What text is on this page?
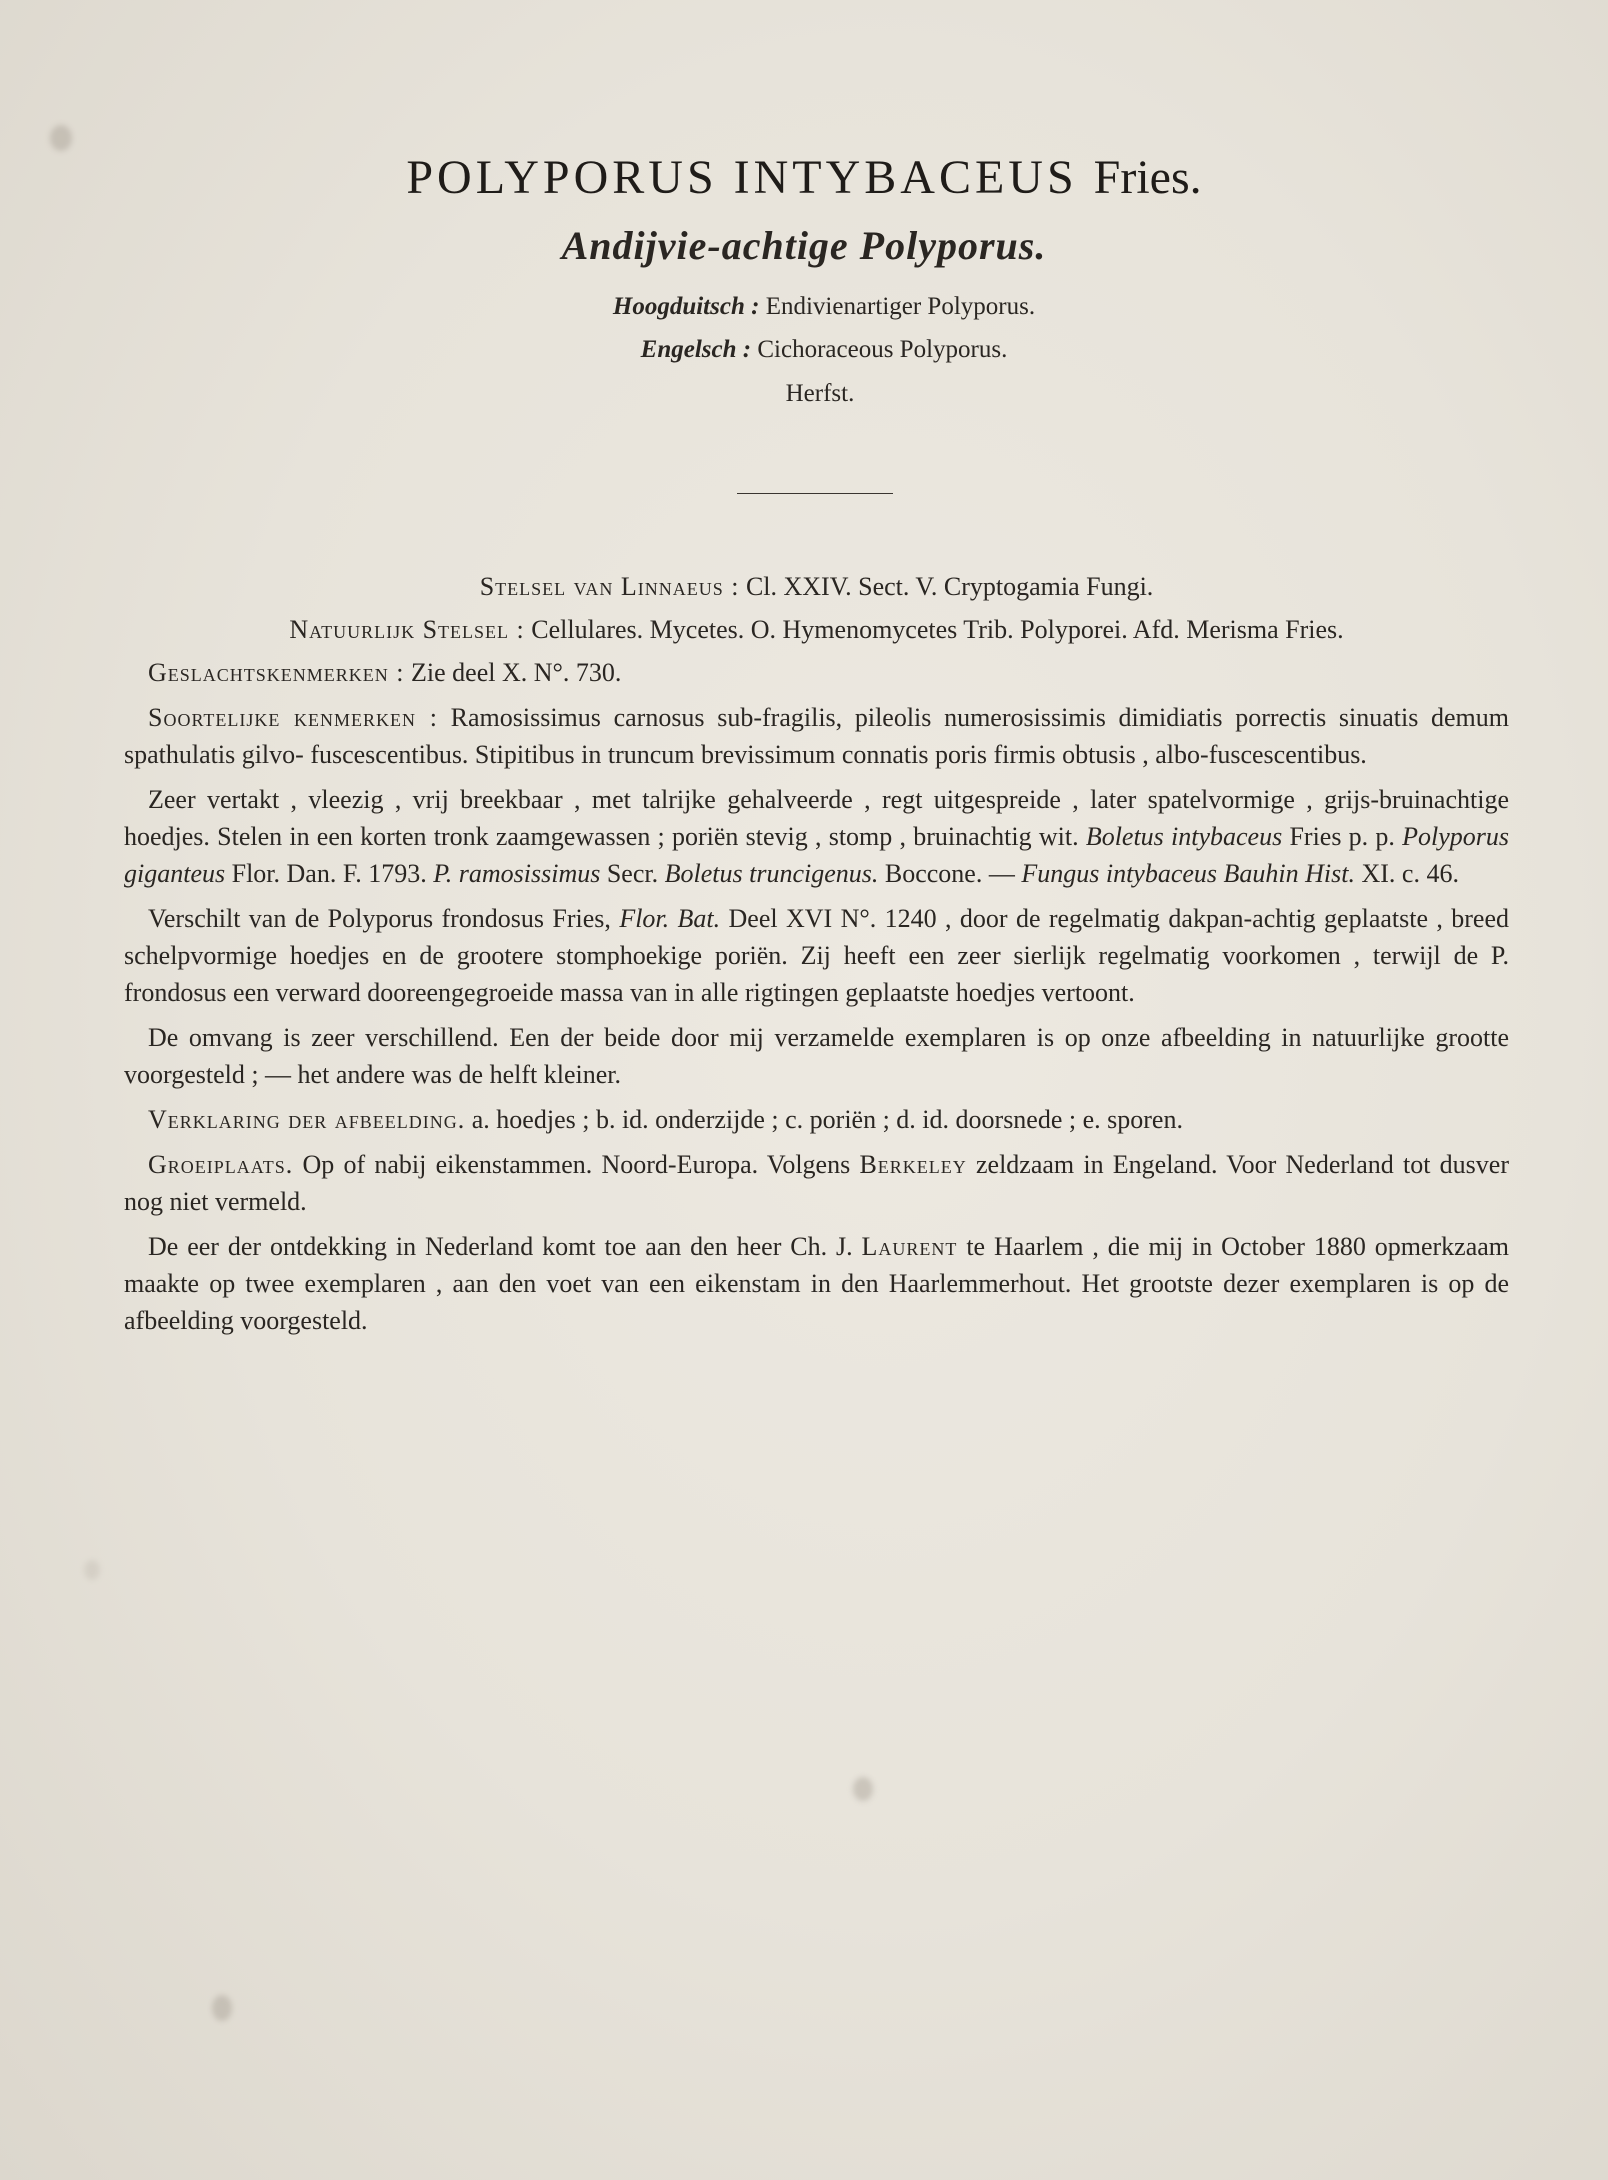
POLYPORUS INTYBACEUS Fries.
Andijvie-achtige Polyporus.
Hoogduitsch : Endivienartiger Polyporus.
Engelsch : Cichoraceous Polyporus.
Herfst.

Stelsel van Linnaeus : Cl. XXIV. Sect. V. Cryptogamia Fungi.

Natuurlijk Stelsel : Cellulares. Mycetes. O. Hymenomycetes Trib. Polyporei. Afd. Merisma Fries.

Geslachtskenmerken : Zie deel X. N°. 730.

Soortelijke kenmerken : Ramosissimus carnosus sub-fragilis, pileolis numerosissimis dimidiatis porrectis sinuatis demum spathulatis gilvo- fuscescentibus. Stipitibus in truncum brevissimum connatis poris firmis obtusis , albo-fuscescentibus.

Zeer vertakt , vleezig , vrij breekbaar , met talrijke gehalveerde , regt uitgespreide , later spatelvormige , grijs-bruinachtige hoedjes. Stelen in een korten tronk zaamgewassen ; poriën stevig , stomp , bruinachtig wit. Boletus intybaceus Fries p. p. Polyporus giganteus Flor. Dan. F. 1793. P. ramosissimus Secr. Boletus truncigenus. Boccone. — Fungus intybaceus Bauhin Hist. XI. c. 46.

Verschilt van de Polyporus frondosus Fries, Flor. Bat. Deel XVI N°. 1240 , door de regelmatig dakpan-achtig geplaatste , breed schelpvormige hoedjes en de grootere stomphoekige poriën. Zij heeft een zeer sierlijk regelmatig voorkomen , terwijl de P. frondosus een verward dooreengegroeide massa van in alle rigtingen geplaatste hoedjes vertoont.

De omvang is zeer verschillend. Een der beide door mij verzamelde exemplaren is op onze afbeelding in natuurlijke grootte voorgesteld ; — het andere was de helft kleiner.

Verklaring der afbeelding. a. hoedjes ; b. id. onderzijde ; c. poriën ; d. id. doorsnede ; e. sporen.

Groeiplaats. Op of nabij eikenstammen. Noord-Europa. Volgens Berkeley zeldzaam in Engeland. Voor Nederland tot dusver nog niet vermeld.

De eer der ontdekking in Nederland komt toe aan den heer Ch. J. Laurent te Haarlem , die mij in October 1880 opmerkzaam maakte op twee exemplaren , aan den voet van een eikenstam in den Haarlemmerhout. Het grootste dezer exemplaren is op de afbeelding voorgesteld.
